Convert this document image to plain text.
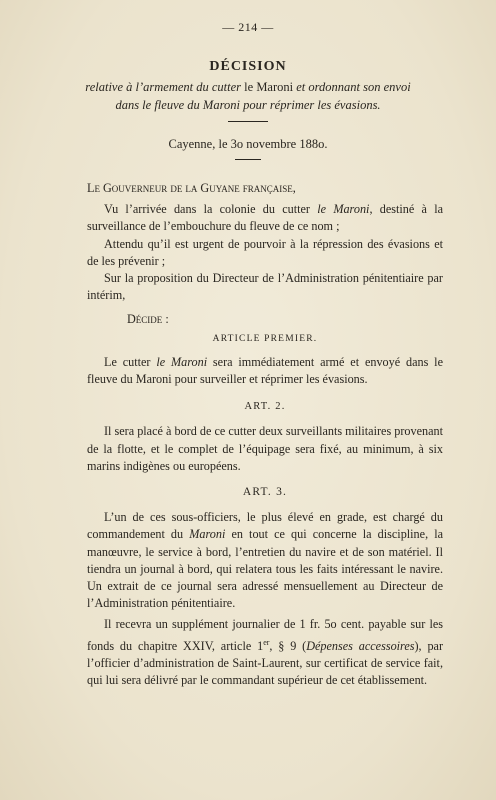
— 214 —
DÉCISION
relative à l’armement du cutter le Maroni et ordonnant son envoi
dans le fleuve du Maroni pour réprimer les évasions.
Cayenne, le 3o novembre 188o.

Le Gouverneur de la Guyane française,

Vu l’arrivée dans la colonie du cutter le Maroni, destiné à la surveillance de l’embouchure du fleuve de ce nom ;

Attendu qu’il est urgent de pourvoir à la répression des évasions et de les prévenir ;

Sur la proposition du Directeur de l’Administration pénitentiaire par intérim,

Décide :

ARTICLE PREMIER.

Le cutter le Maroni sera immédiatement armé et envoyé dans le fleuve du Maroni pour surveiller et réprimer les évasions.

ART. 2.

Il sera placé à bord de ce cutter deux surveillants militaires provenant de la flotte, et le complet de l’équipage sera fixé, au minimum, à six marins indigènes ou européens.

ART. 3.

L’un de ces sous-officiers, le plus élevé en grade, est chargé du commandement du Maroni en tout ce qui concerne la discipline, la manœuvre, le service à bord, l’entretien du navire et de son matériel. Il tiendra un journal à bord, qui relatera tous les faits intéressant le navire. Un extrait de ce journal sera adressé mensuellement au Directeur de l’Administration pénitentiaire.

Il recevra un supplément journalier de 1 fr. 5o cent. payable sur les fonds du chapitre XXIV, article 1er, § 9 (Dépenses accessoires), par l’officier d’administration de Saint-Laurent, sur certificat de service fait, qui lui sera délivré par le commandant supérieur de cet établissement.
